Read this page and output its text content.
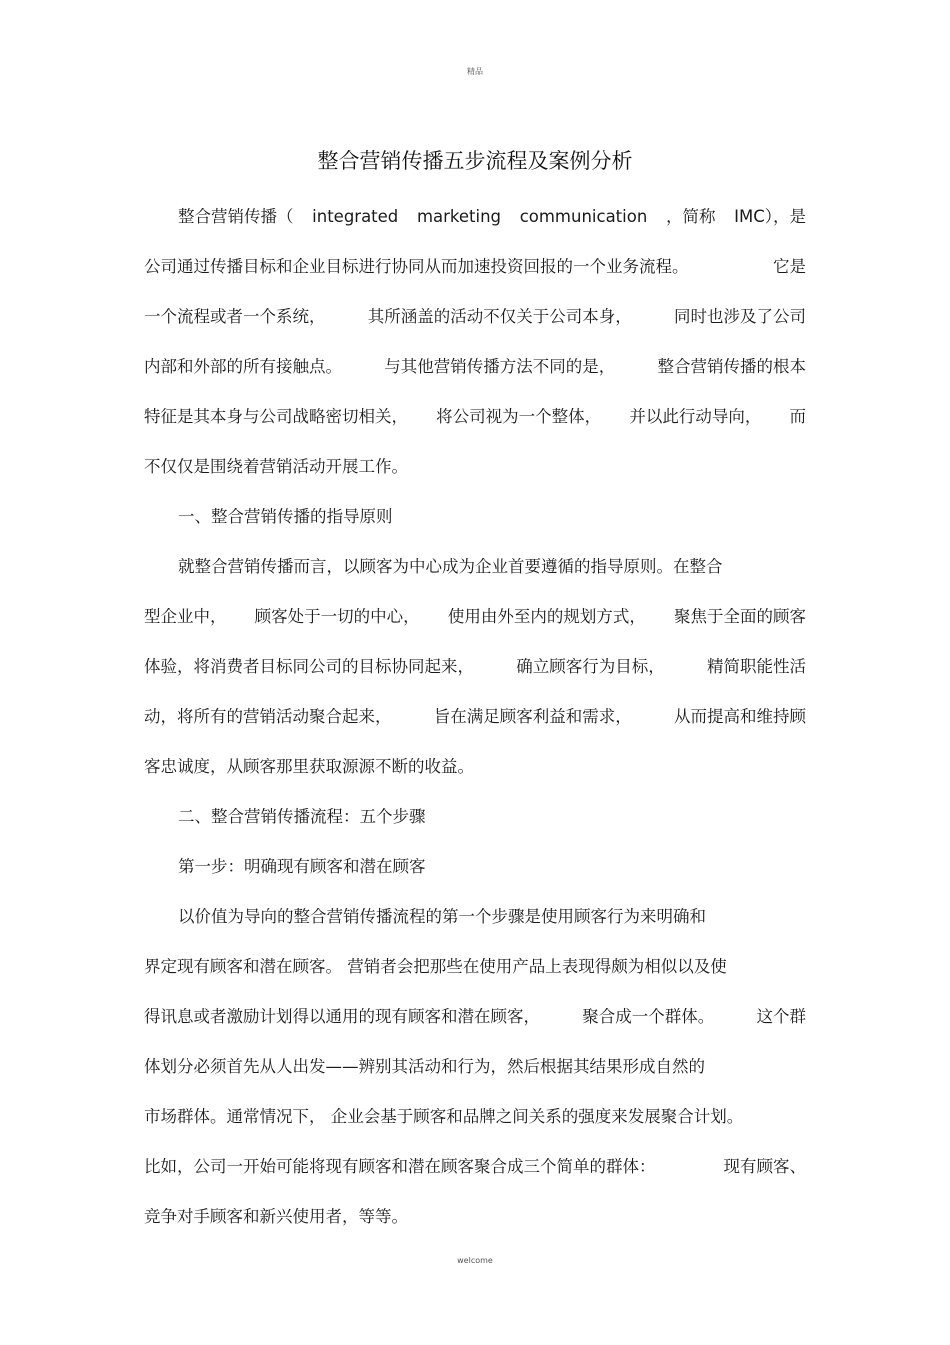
精品
整合营销传播五步流程及案例分析
整合营销传播（ integrated marketing communication ，简称 IMC），是
公司通过传播目标和企业目标进行协同从而加速投资回报的一个业务流程。	它是
一个流程或者一个系统，	其所涵盖的活动不仅关于公司本身，	同时也涉及了公司
内部和外部的所有接触点。	与其他营销传播方法不同的是，	整合营销传播的根本
特征是其本身与公司战略密切相关， 将公司视为一个整体， 并以此行动导向， 而
不仅仅是围绕着营销活动开展工作。
一、整合营销传播的指导原则
就整合营销传播而言，以顾客为中心成为企业首要遵循的指导原则。在整合
型企业中， 顾客处于一切的中心， 使用由外至内的规划方式， 聚焦于全面的顾客
体验，将消费者目标同公司的目标协同起来，	确立顾客行为目标，	精简职能性活
动，将所有的营销活动聚合起来，	旨在满足顾客利益和需求，	从而提高和维持顾
客忠诚度，从顾客那里获取源源不断的收益。
二、整合营销传播流程：五个步骤
第一步：明确现有顾客和潜在顾客
以价值为导向的整合营销传播流程的第一个步骤是使用顾客行为来明确和
界定现有顾客和潜在顾客。 营销者会把那些在使用产品上表现得颇为相似以及使
得讯息或者激励计划得以通用的现有顾客和潜在顾客，	聚合成一个群体。	这个群
体划分必须首先从人出发——辨别其活动和行为，然后根据其结果形成自然的
市场群体。通常情况下， 企业会基于顾客和品牌之间关系的强度来发展聚合计划。
比如，公司一开始可能将现有顾客和潜在顾客聚合成三个简单的群体：	现有顾客、
竞争对手顾客和新兴使用者，等等。
welcome
